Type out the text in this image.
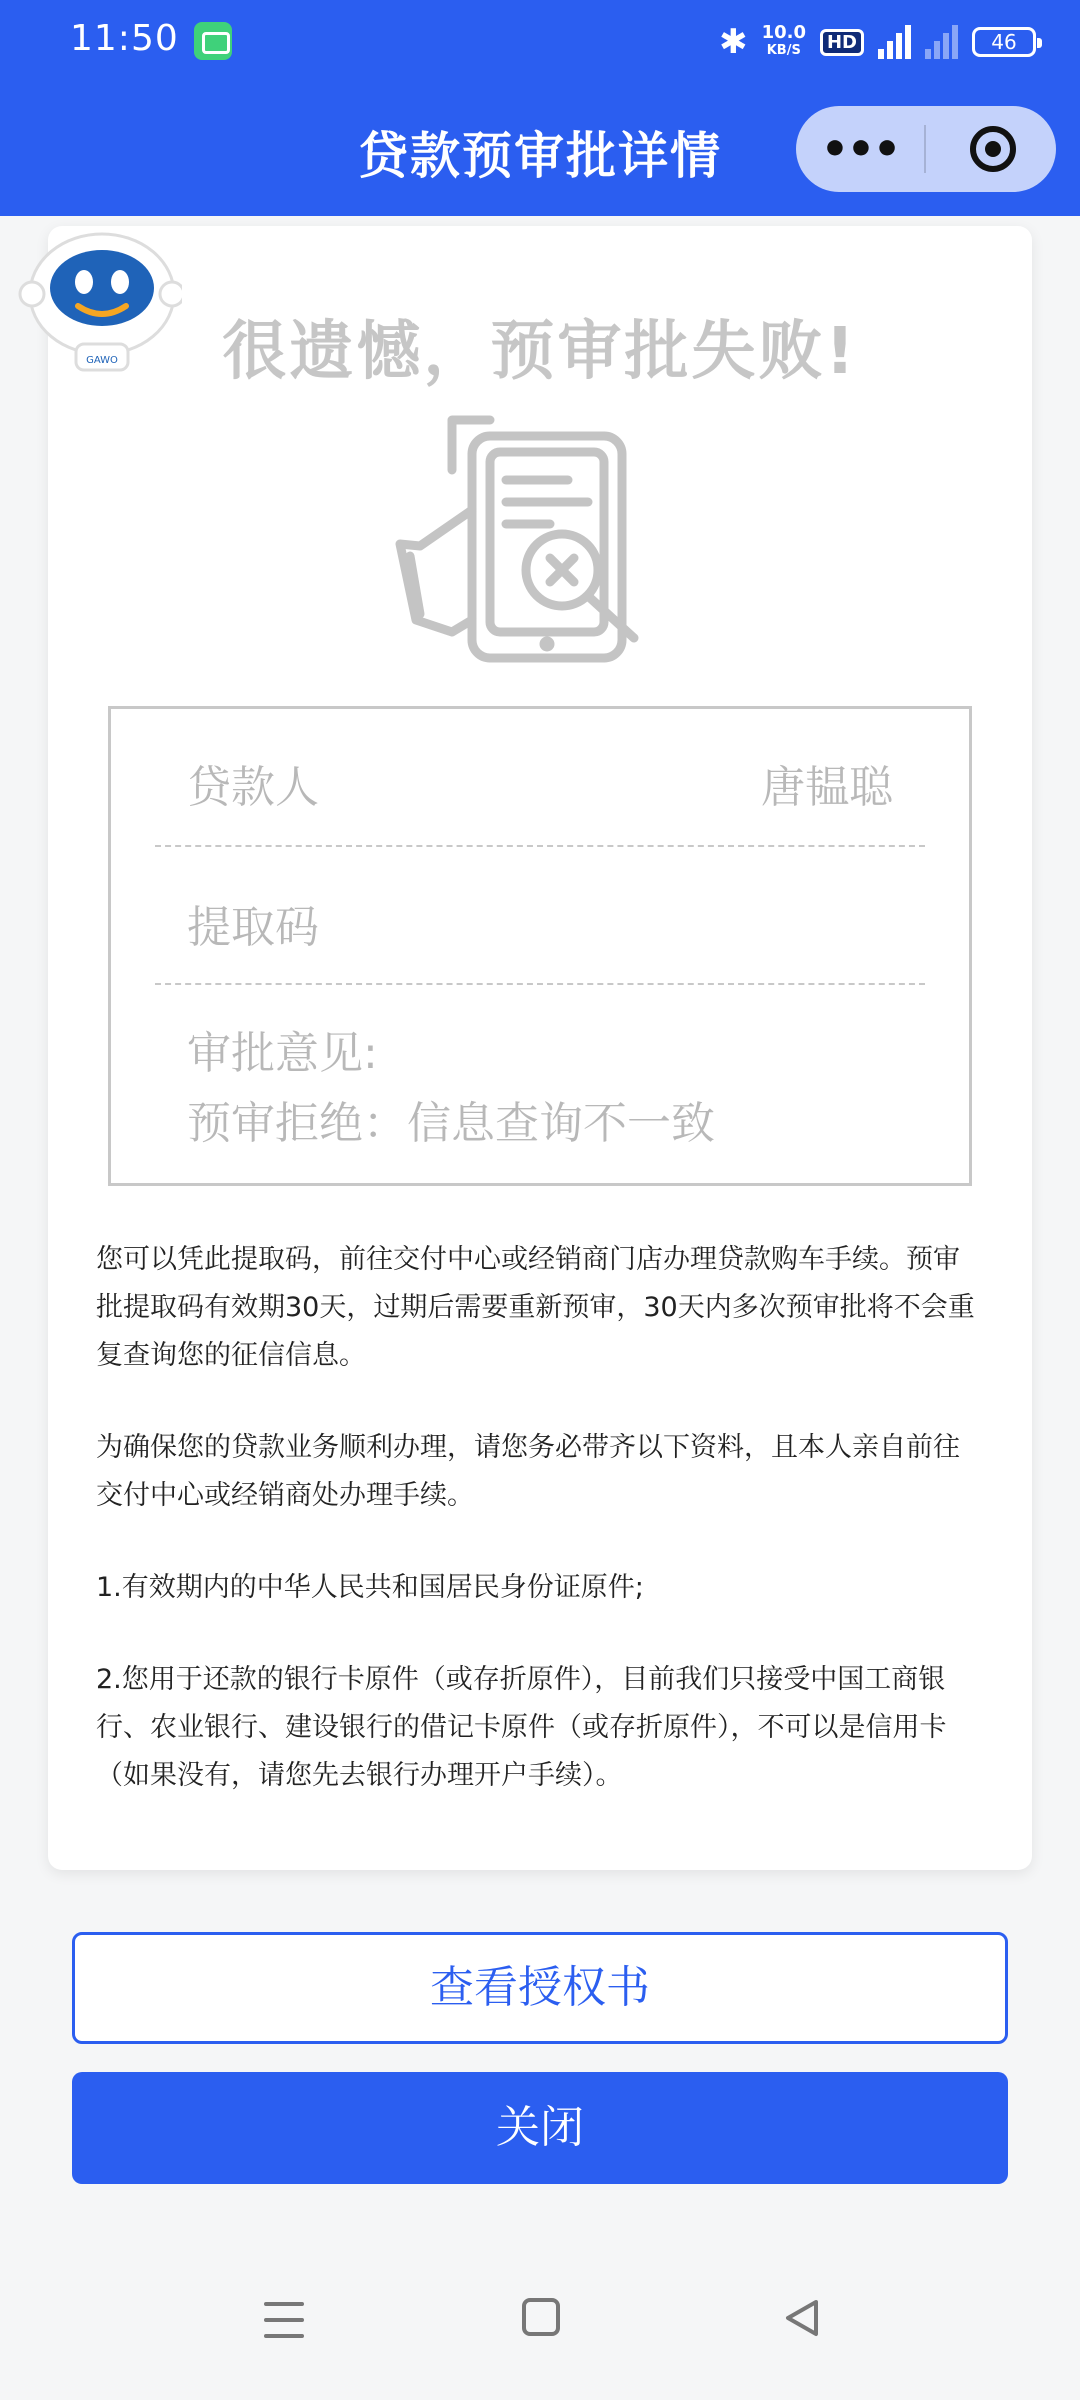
11:50	✱ 10.0
KB/S	HD	46
贷款预审批详情	•••
GAWO	很遗憾，预审批失败!
贷款人	唐韫聪
提取码
审批意见:
预审拒绝：信息查询不一致
您可以凭此提取码，前往交付中心或经销商门店办理贷款购车手续。预审批提取码有效期30天，过期后需要重新预审，30天内多次预审批将不会重复查询您的征信信息。
为确保您的贷款业务顺利办理，请您务必带齐以下资料，且本人亲自前往交付中心或经销商处办理手续。
1.有效期内的中华人民共和国居民身份证原件;
2.您用于还款的银行卡原件（或存折原件），目前我们只接受中国工商银行、农业银行、建设银行的借记卡原件（或存折原件），不可以是信用卡（如果没有，请您先去银行办理开户手续）。
查看授权书
关闭
